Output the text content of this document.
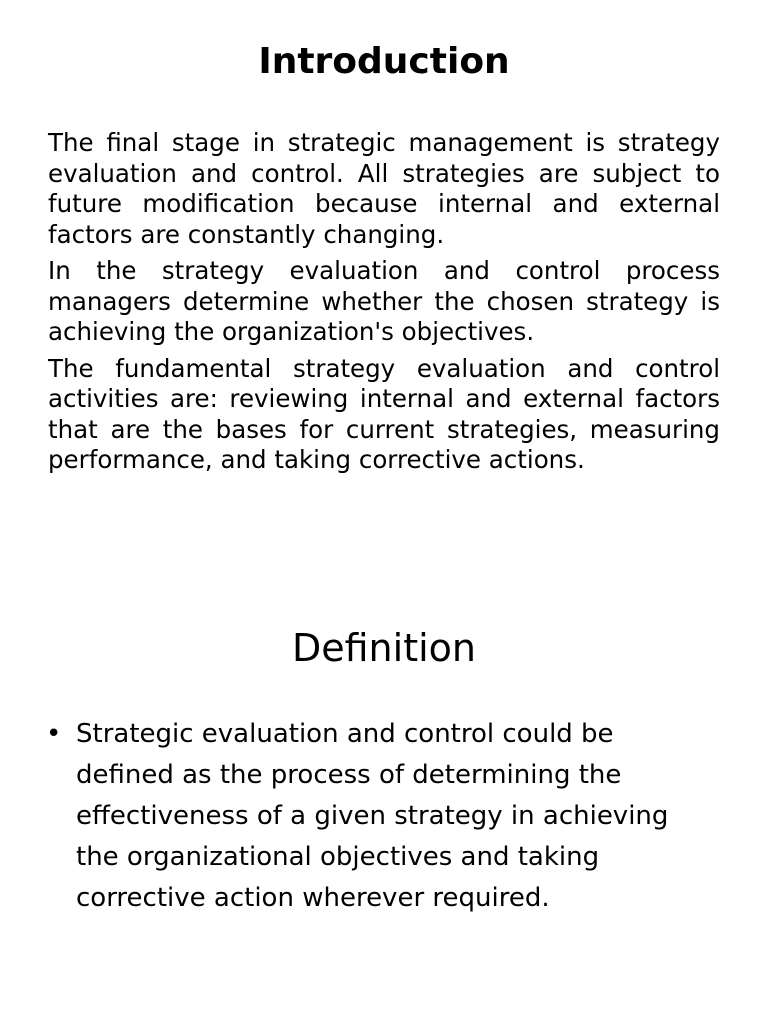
Introduction

The final stage in strategic management is strategy evaluation and control. All strategies are subject to future modification because internal and external factors are constantly changing.

In the strategy evaluation and control process managers determine whether the chosen strategy is achieving the organization's objectives.

The fundamental strategy evaluation and control activities are: reviewing internal and external factors that are the bases for current strategies, measuring performance, and taking corrective actions.

Definition
• Strategic evaluation and control could be defined as the process of determining the effectiveness of a given strategy in achieving the organizational objectives and taking corrective action wherever required.
